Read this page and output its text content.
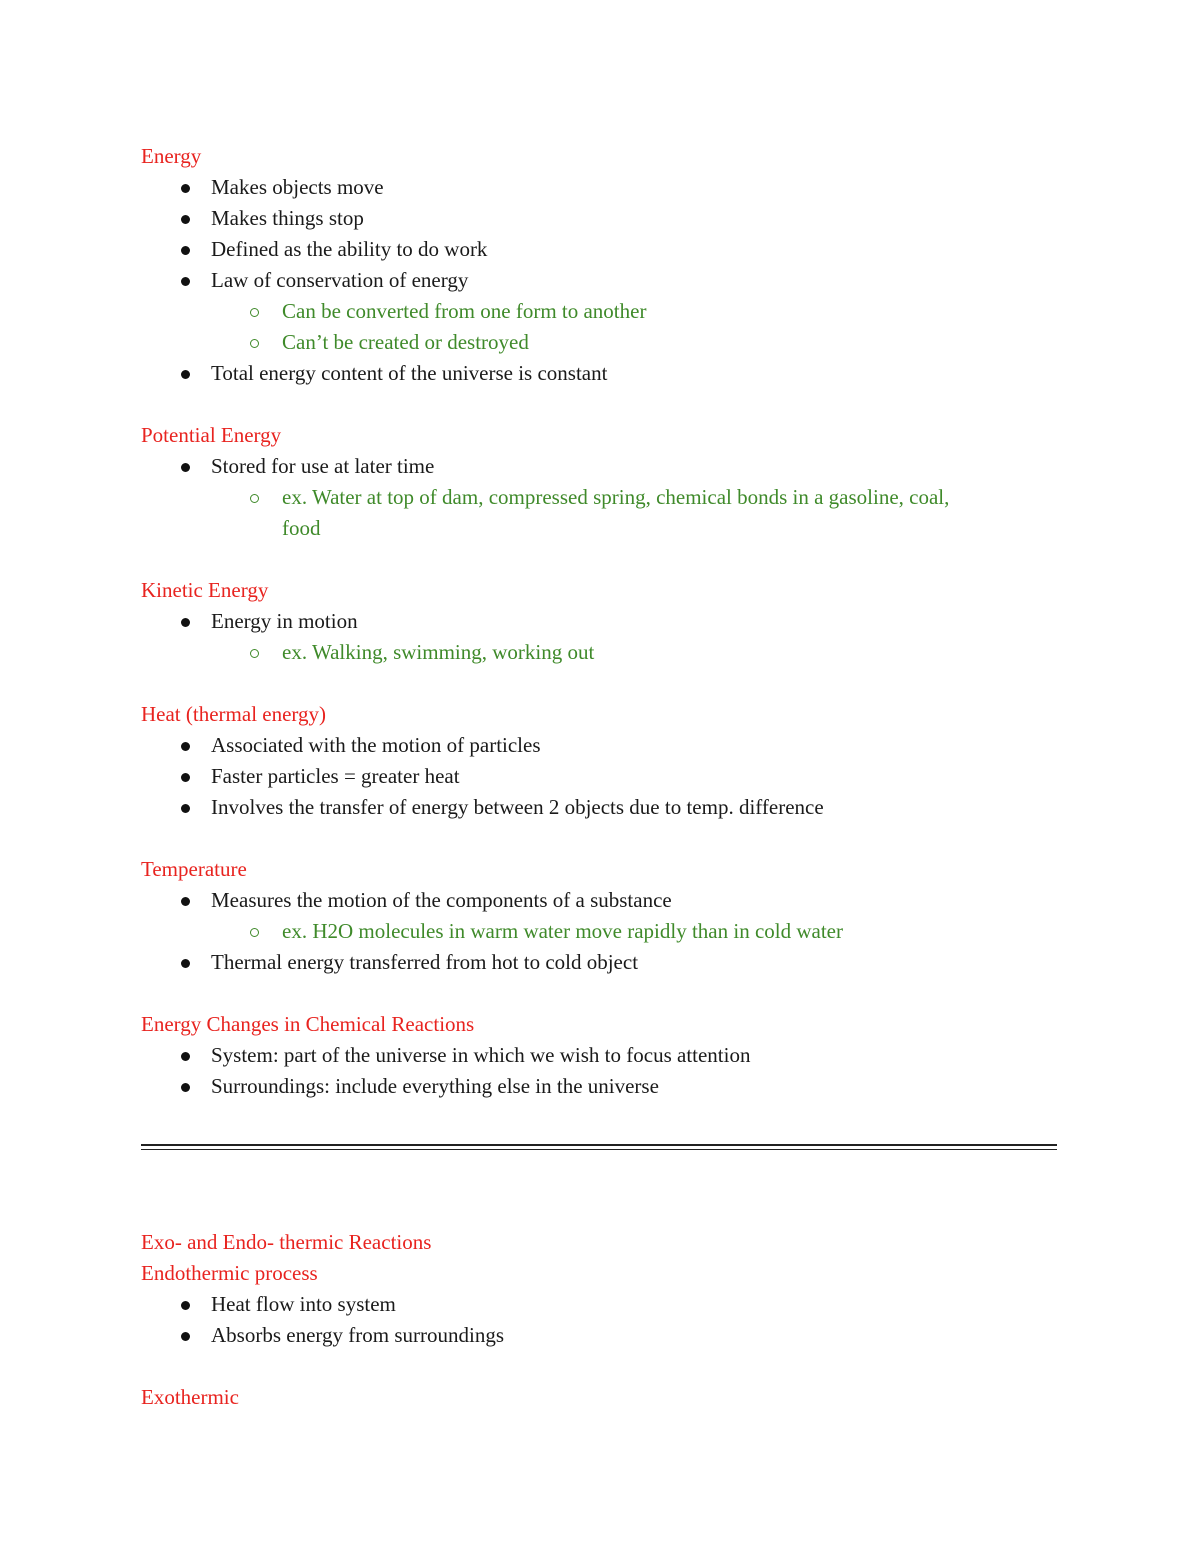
Energy
Makes objects move
Makes things stop
Defined as the ability to do work
Law of conservation of energy
Can be converted from one form to another
Can’t be created or destroyed
Total energy content of the universe is constant
Potential Energy
Stored for use at later time
ex. Water at top of dam, compressed spring, chemical bonds in a gasoline, coal,
food
Kinetic Energy
Energy in motion
ex. Walking, swimming, working out
Heat (thermal energy)
Associated with the motion of particles
Faster particles = greater heat
Involves the transfer of energy between 2 objects due to temp. difference
Temperature
Measures the motion of the components of a substance
ex. H2O molecules in warm water move rapidly than in cold water
Thermal energy transferred from hot to cold object
Energy Changes in Chemical Reactions
System: part of the universe in which we wish to focus attention
Surroundings: include everything else in the universe
Exo- and Endo- thermic Reactions
Endothermic process
Heat flow into system
Absorbs energy from surroundings
Exothermic
